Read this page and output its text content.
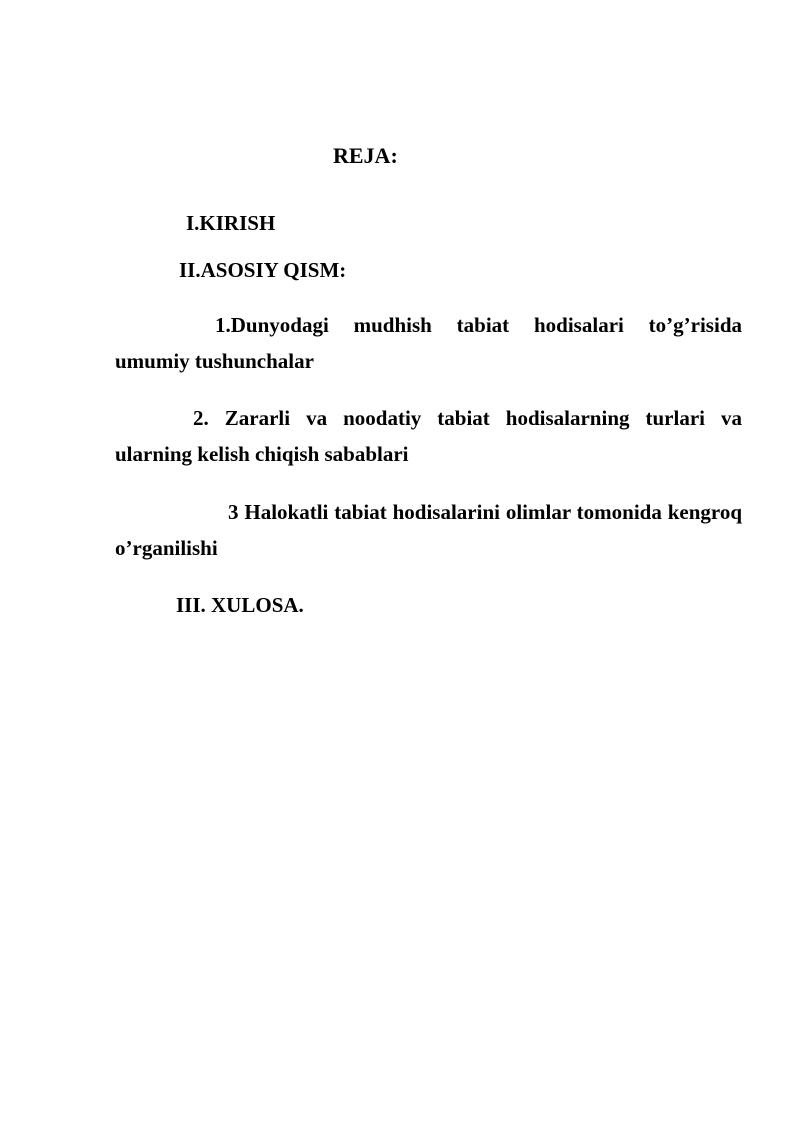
REJA:
I.KIRISH
II.ASOSIY QISM:
1.Dunyodagi mudhish tabiat hodisalari to’g’risida umumiy tushunchalar
2. Zararli va noodatiy tabiat hodisalarning turlari va ularning kelish chiqish sabablari
3 Halokatli tabiat hodisalarini olimlar tomonida kengroq o’rganilishi
III. XULOSA.
